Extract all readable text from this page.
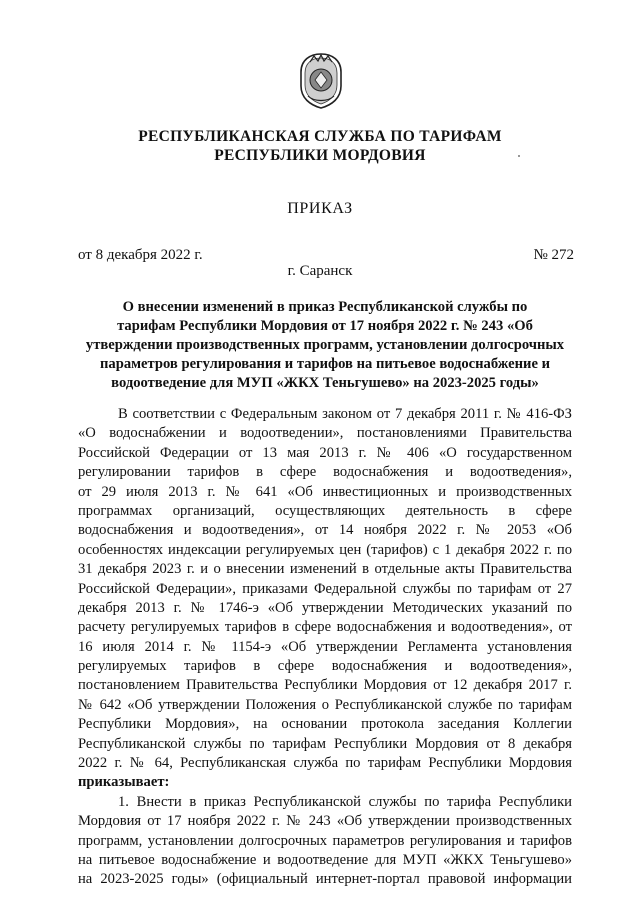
РЕСПУБЛИКАНСКАЯ СЛУЖБА ПО ТАРИФАМ
РЕСПУБЛИКИ МОРДОВИЯ
ПРИКАЗ
от 8 декабря 2022 г.	№ 272
г. Саранск
О внесении изменений в приказ Республиканской службы по
тарифам Республики Мордовия от 17 ноября 2022 г. № 243 «Об
утверждении производственных программ, установлении долгосрочных
параметров регулирования и тарифов на питьевое водоснабжение и
водоотведение для МУП «ЖКХ Теньгушево» на 2023-2025 годы»
В соответствии с Федеральным законом от 7 декабря 2011 г. № 416-ФЗ
«О водоснабжении и водоотведении», постановлениями Правительства
Российской Федерации от 13 мая 2013 г. № 406 «О государственном
регулировании тарифов в сфере водоснабжения и водоотведения»,
от 29 июля 2013 г. № 641 «Об инвестиционных и производственных
программах организаций, осуществляющих деятельность в сфере
водоснабжения и водоотведения», от 14 ноября 2022 г. № 2053 «Об
особенностях индексации регулируемых цен (тарифов) с 1 декабря 2022 г. по
31 декабря 2023 г. и о внесении изменений в отдельные акты Правительства
Российской Федерации», приказами Федеральной службы по тарифам от 27
декабря 2013 г. № 1746-э «Об утверждении Методических указаний по
расчету регулируемых тарифов в сфере водоснабжения и водоотведения», от
16 июля 2014 г. № 1154-э «Об утверждении Регламента установления
регулируемых тарифов в сфере водоснабжения и водоотведения»,
постановлением Правительства Республики Мордовия от 12 декабря 2017 г.
№ 642 «Об утверждении Положения о Республиканской службе по тарифам
Республики Мордовия», на основании протокола заседания Коллегии
Республиканской службы по тарифам Республики Мордовия от 8 декабря
2022 г. № 64, Республиканская служба по тарифам Республики Мордовия
приказывает:
1. Внести в приказ Республиканской службы по тарифа Республики
Мордовия от 17 ноября 2022 г. № 243 «Об утверждении производственных
программ, установлении долгосрочных параметров регулирования и тарифов
на питьевое водоснабжение и водоотведение для МУП «ЖКХ Теньгушево»
на 2023-2025 годы» (официальный интернет-портал правовой информации
